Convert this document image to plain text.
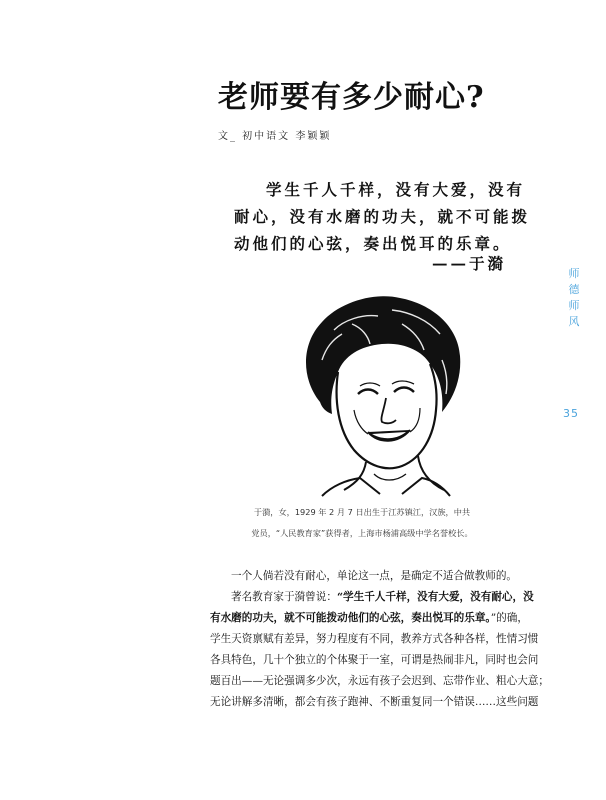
老师要有多少耐心?
文_ 初中语文 李颖颖
学生千人千样，没有大爱，没有
耐心，没有水磨的功夫，就不可能拨
动他们的心弦，奏出悦耳的乐章。
——于漪
师
德
师
风
35
于漪，女，1929 年 2 月 7 日出生于江苏镇江，汉族，中共
党员，“人民教育家”获得者，上海市杨浦高级中学名誉校长。

一个人倘若没有耐心，单论这一点，是确定不适合做教师的。

著名教育家于漪曾说：“学生千人千样，没有大爱，没有耐心，没

有水磨的功夫，就不可能拨动他们的心弦，奏出悦耳的乐章。”的确，

学生天资禀赋有差异，努力程度有不同，教养方式各种各样，性情习惯

各具特色，几十个独立的个体聚于一室，可谓是热闹非凡，同时也会问

题百出——无论强调多少次，永远有孩子会迟到、忘带作业、粗心大意；

无论讲解多清晰，都会有孩子跑神、不断重复同一个错误……这些问题
